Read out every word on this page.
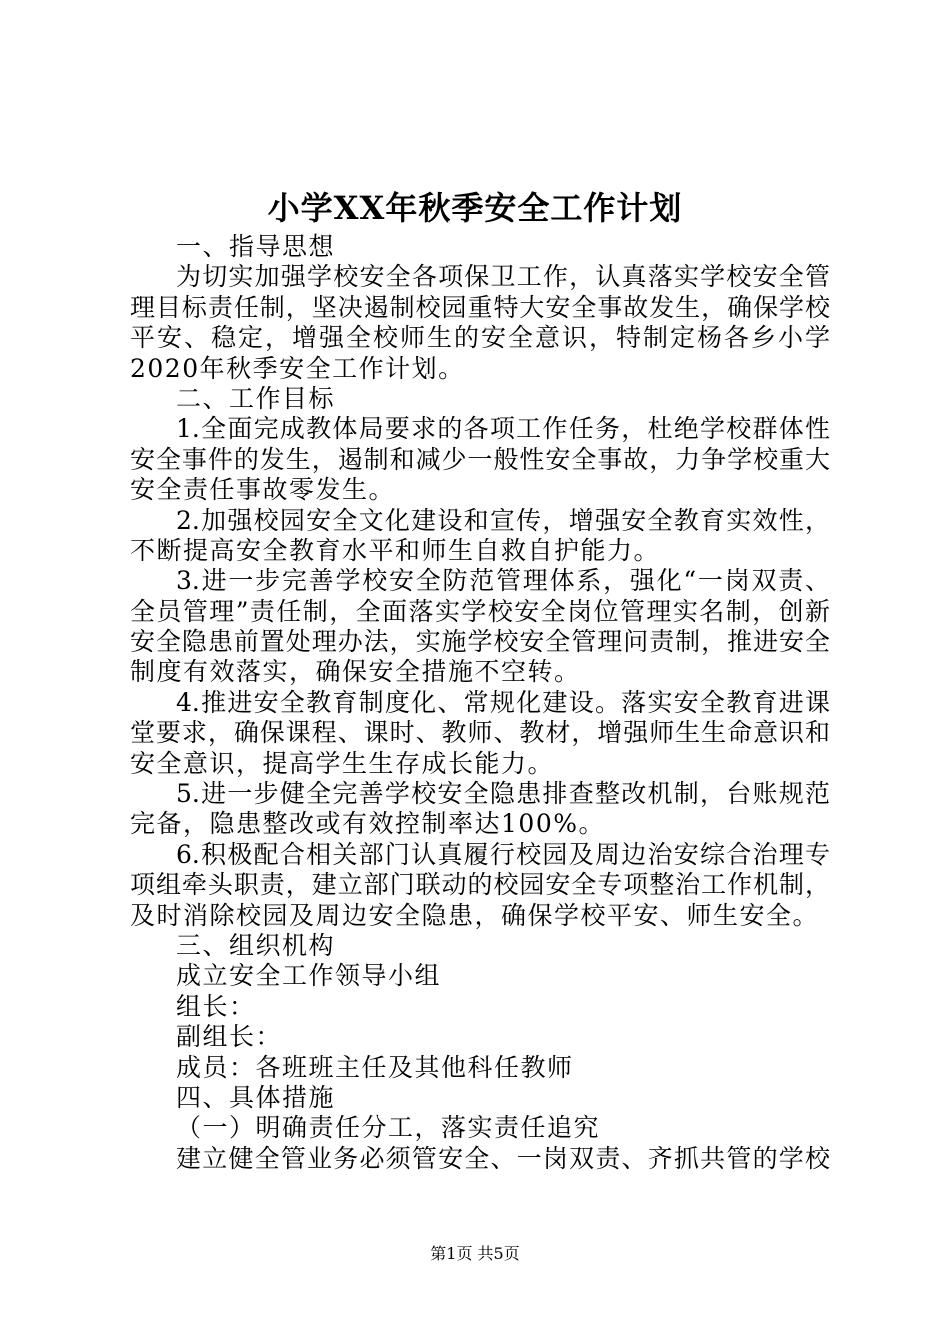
小学XX年秋季安全工作计划
一、指导思想
为切实加强学校安全各项保卫工作，认真落实学校安全管
理目标责任制，坚决遏制校园重特大安全事故发生，确保学校
平安、稳定，增强全校师生的安全意识，特制定杨各乡小学
2020年秋季安全工作计划。
二、工作目标
1.全面完成教体局要求的各项工作任务，杜绝学校群体性
安全事件的发生，遏制和减少一般性安全事故，力争学校重大
安全责任事故零发生。
2.加强校园安全文化建设和宣传，增强安全教育实效性，
不断提高安全教育水平和师生自救自护能力。
3.进一步完善学校安全防范管理体系，强化“一岗双责、
全员管理”责任制，全面落实学校安全岗位管理实名制，创新
安全隐患前置处理办法，实施学校安全管理问责制，推进安全
制度有效落实，确保安全措施不空转。
4.推进安全教育制度化、常规化建设。落实安全教育进课
堂要求，确保课程、课时、教师、教材，增强师生生命意识和
安全意识，提高学生生存成长能力。
5.进一步健全完善学校安全隐患排查整改机制，台账规范
完备，隐患整改或有效控制率达100%。
6.积极配合相关部门认真履行校园及周边治安综合治理专
项组牵头职责，建立部门联动的校园安全专项整治工作机制，
及时消除校园及周边安全隐患，确保学校平安、师生安全。
三、组织机构
成立安全工作领导小组
组长：
副组长：
成员：各班班主任及其他科任教师
四、具体措施
（一）明确责任分工，落实责任追究
建立健全管业务必须管安全、一岗双责、齐抓共管的学校
第1页 共5页
